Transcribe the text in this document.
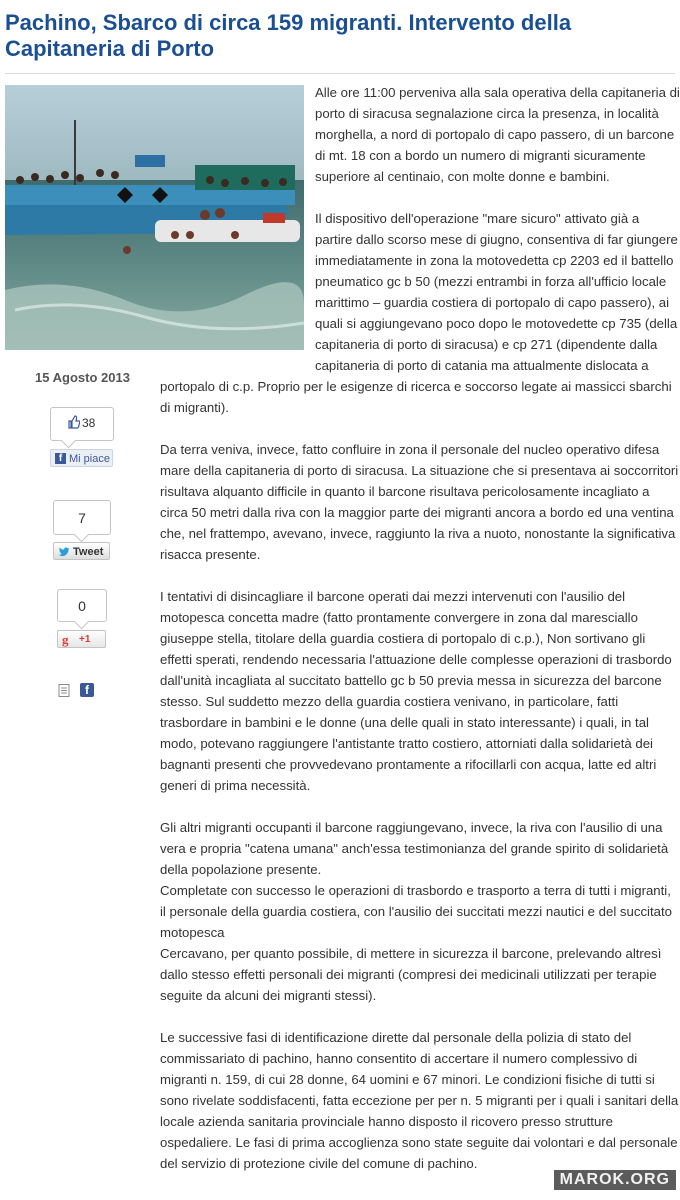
Pachino, Sbarco di circa 159 migranti. Intervento della Capitaneria di Porto
15 Agosto 2013
38
f Mi piace
7
Tweet
0
g +1
f

Alle ore 11:00 perveniva alla sala operativa della capitaneria di porto di siracusa segnalazione circa la presenza, in località morghella, a nord di portopalo di capo passero, di un barcone di mt. 18 con a bordo un numero di migranti sicuramente superiore al centinaio, con molte donne e bambini.

Il dispositivo dell'operazione "mare sicuro" attivato già a partire dallo scorso mese di giugno, consentiva di far giungere immediatamente in zona la motovedetta cp 2203 ed il battello pneumatico gc b 50 (mezzi entrambi in forza all'ufficio locale marittimo – guardia costiera di portopalo di capo passero), ai quali si aggiungevano poco dopo le motovedette cp 735 (della capitaneria di porto di siracusa) e cp 271 (dipendente dalla capitaneria di porto di catania ma attualmente dislocata a portopalo di c.p. Proprio per le esigenze di ricerca e soccorso legate ai massicci sbarchi di migranti).

Da terra veniva, invece, fatto confluire in zona il personale del nucleo operativo difesa mare della capitaneria di porto di siracusa. La situazione che si presentava ai soccorritori risultava alquanto difficile in quanto il barcone risultava pericolosamente incagliato a circa 50 metri dalla riva con la maggior parte dei migranti ancora a bordo ed una ventina che, nel frattempo, avevano, invece, raggiunto la riva a nuoto, nonostante la significativa risacca presente.

I tentativi di disincagliare il barcone operati dai mezzi intervenuti con l'ausilio del motopesca concetta madre (fatto prontamente convergere in zona dal maresciallo giuseppe stella, titolare della guardia costiera di portopalo di c.p.), Non sortivano gli effetti sperati, rendendo necessaria l'attuazione delle complesse operazioni di trasbordo dall'unità incagliata al succitato battello gc b 50 previa messa in sicurezza del barcone stesso. Sul suddetto mezzo della guardia costiera venivano, in particolare, fatti trasbordare in bambini e le donne (una delle quali in stato interessante) i quali, in tal modo, potevano raggiungere l'antistante tratto costiero, attorniati dalla solidarietà dei bagnanti presenti che provvedevano prontamente a rifocillarli con acqua, latte ed altri generi di prima necessità.

Gli altri migranti occupanti il barcone raggiungevano, invece, la riva con l'ausilio di una vera e propria "catena umana" anch'essa testimonianza del grande spirito di solidarietà della popolazione presente.

Completate con successo le operazioni di trasbordo e trasporto a terra di tutti i migranti, il personale della guardia costiera, con l'ausilio dei succitati mezzi nautici e del succitato motopesca

Cercavano, per quanto possibile, di mettere in sicurezza il barcone, prelevando altresì dallo stesso effetti personali dei migranti (compresi dei medicinali utilizzati per terapie seguite da alcuni dei migranti stessi).

Le successive fasi di identificazione dirette dal personale della polizia di stato del commissariato di pachino, hanno consentito di accertare il numero complessivo di migranti n. 159, di cui 28 donne, 64 uomini e 67 minori. Le condizioni fisiche di tutti si sono rivelate soddisfacenti, fatta eccezione per per n. 5 migranti per i quali i sanitari della locale azienda sanitaria provinciale hanno disposto il ricovero presso strutture ospedaliere. Le fasi di prima accoglienza sono state seguite dai volontari e dal personale del servizio di protezione civile del comune di pachino.

MAROK.ORG
